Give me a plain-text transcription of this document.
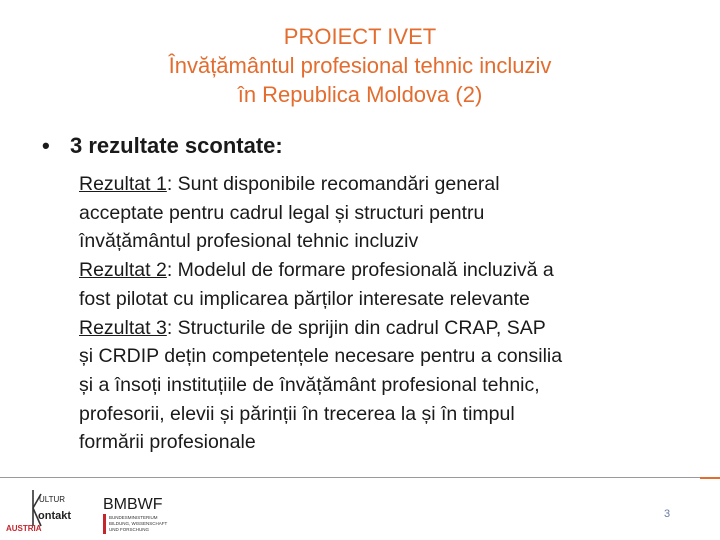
PROIECT IVET
Învățământul profesional tehnic incluziv
în Republica Moldova (2)
• 3 rezultate scontate:
Rezultat 1: Sunt disponibile recomandări general
acceptate pentru cadrul legal și structuri pentru
învățământul profesional tehnic incluziv
Rezultat 2: Modelul de formare profesională incluzivă a
fost pilotat cu implicarea părților interesate relevante
Rezultat 3: Structurile de sprijin din cadrul CRAP, SAP
și CRDIP dețin competențele necesare pentru a consilia
și a însoți instituțiile de învățământ profesional tehnic,
profesorii, elevii și părinții în trecerea la și în timpul
formării profesionale
ULTUR
ontakt
AUSTRIA
BMBWF
BUNDESMINISTERIUM
BILDUNG, WISSENSCHAFT
UND FORSCHUNG
3
